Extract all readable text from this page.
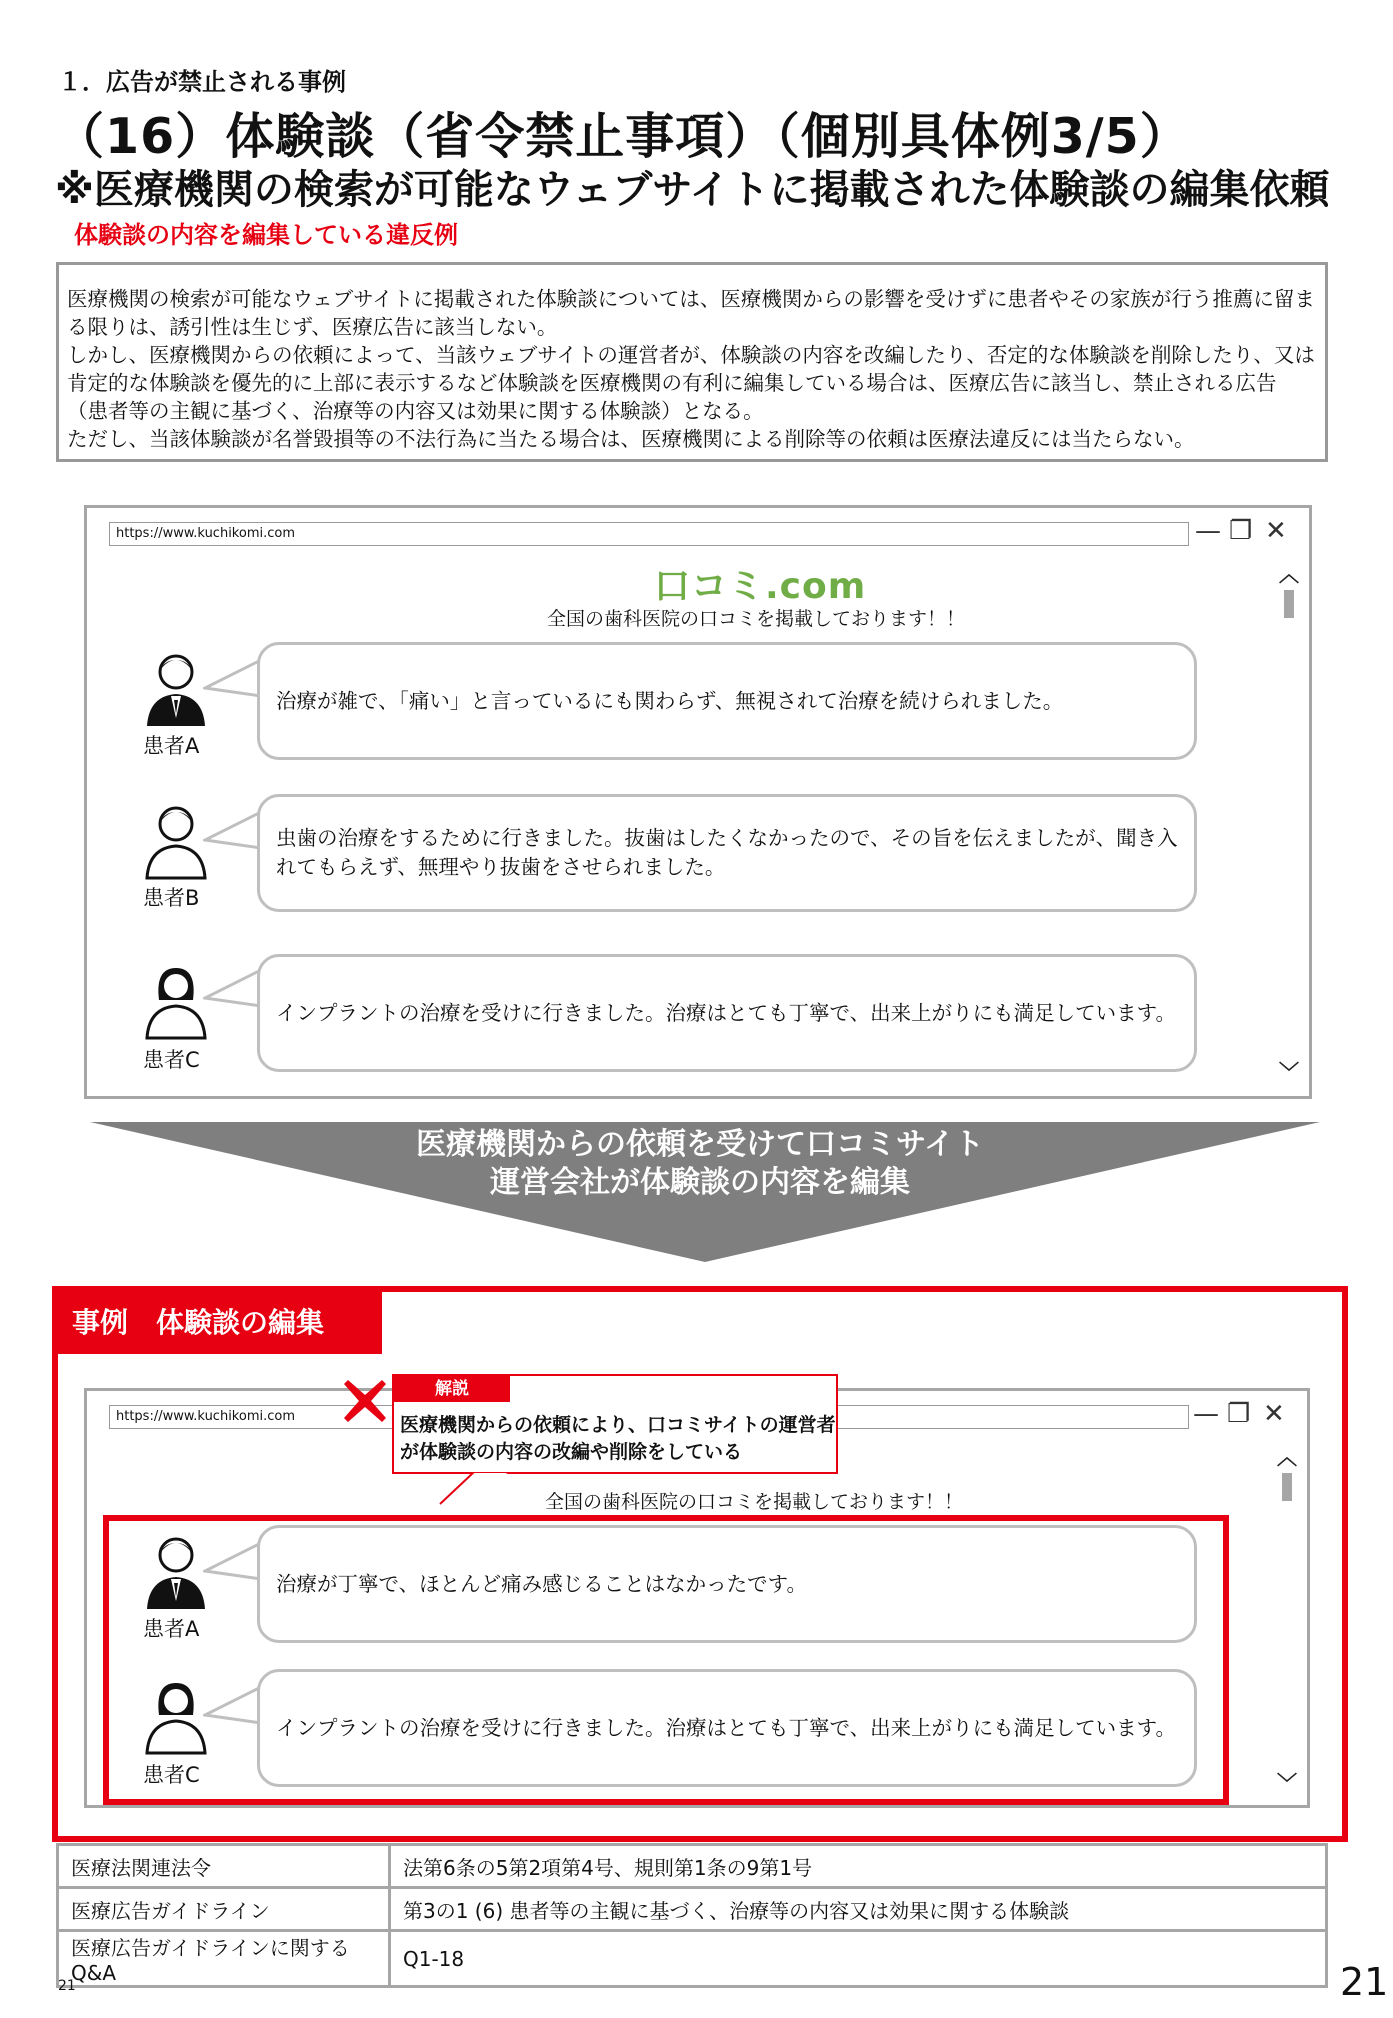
１．広告が禁止される事例
（16）体験談（省令禁止事項）（個別具体例3/5）
※医療機関の検索が可能なウェブサイトに掲載された体験談の編集依頼
体験談の内容を編集している違反例

医療機関の検索が可能なウェブサイトに掲載された体験談については、医療機関からの影響を受けずに患者やその家族が行う推薦に留まる限りは、誘引性は生じず、医療広告に該当しない。

しかし、医療機関からの依頼によって、当該ウェブサイトの運営者が、体験談の内容を改編したり、否定的な体験談を削除したり、又は肯定的な体験談を優先的に上部に表示するなど体験談を医療機関の有利に編集している場合は、医療広告に該当し、禁止される広告（患者等の主観に基づく、治療等の内容又は効果に関する体験談）となる。

ただし、当該体験談が名誉毀損等の不法行為に当たる場合は、医療機関による削除等の依頼は医療法違反には当たらない。

https://www.kuchikomi.com	— ❐ ✕
︿
﹀
口コミ.com
全国の歯科医院の口コミを掲載しております！！
患者A
治療が雑で、「痛い」と言っているにも関わらず、無視されて治療を続けられました。
患者B
虫歯の治療をするために行きました。抜歯はしたくなかったので、その旨を伝えましたが、聞き入れてもらえず、無理やり抜歯をさせられました。
患者C
インプラントの治療を受けに行きました。治療はとても丁寧で、出来上がりにも満足しています。
医療機関からの依頼を受けて口コミサイト
運営会社が体験談の内容を編集
事例　体験談の編集
https://www.kuchikomi.com	— ❐ ✕
︿
﹀
全国の歯科医院の口コミを掲載しております！！
患者A
治療が丁寧で、ほとんど痛み感じることはなかったです。
患者C
インプラントの治療を受けに行きました。治療はとても丁寧で、出来上がりにも満足しています。
解説
医療機関からの依頼により、口コミサイトの運営者
が体験談の内容の改編や削除をしている
医療法関連法令	法第6条の5第2項第4号、規則第1条の9第1号
医療広告ガイドライン	第3の1 (6) 患者等の主観に基づく、治療等の内容又は効果に関する体験談
医療広告ガイドラインに関するQ&A	Q1-18
21	21
